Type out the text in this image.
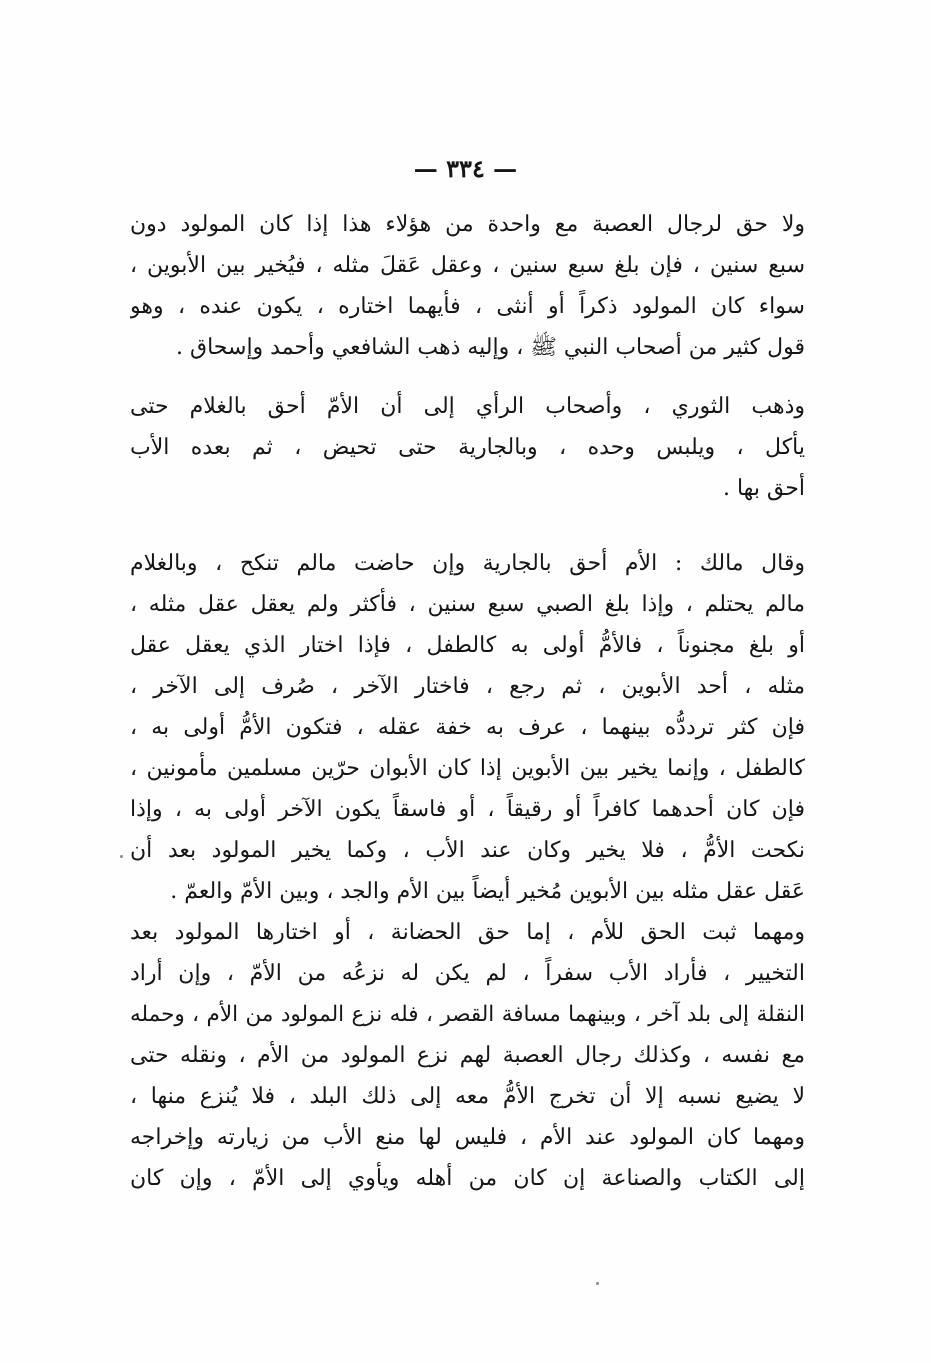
— ٣٣٤ —
ولا حق لرجال العصبة مع واحدة من هؤلاء هذا إذا كان المولود دون
سبع سنين ، فإن بلغ سبع سنين ، وعقل عَقلَ مثله ، فيُخير بين الأبوين ،
سواء كان المولود ذكراً أو أنثى ، فأيهما اختاره ، يكون عنده ، وهو
قول كثير من أصحاب النبي ﷺ ، وإليه ذهب الشافعي وأحمد وإسحاق .
وذهب الثوري ، وأصحاب الرأي إلى أن الأمّ أحق بالغلام حتى
يأكل ، ويلبس وحده ، وبالجارية حتى تحيض ، ثم بعده الأب
أحق بها .
وقال مالك : الأم أحق بالجارية وإن حاضت مالم تنكح ، وبالغلام
مالم يحتلم ، وإذا بلغ الصبي سبع سنين ، فأكثر ولم يعقل عقل مثله ،
أو بلغ مجنوناً ، فالأمُّ أولى به كالطفل ، فإذا اختار الذي يعقل عقل
مثله ، أحد الأبوين ، ثم رجع ، فاختار الآخر ، صُرف إلى الآخر ،
فإن كثر ترددُّه بينهما ، عرف به خفة عقله ، فتكون الأمُّ أولى به ،
كالطفل ، وإنما يخير بين الأبوين إذا كان الأبوان حرّين مسلمين مأمونين ،
فإن كان أحدهما كافراً أو رقيقاً ، أو فاسقاً يكون الآخر أولى به ، وإذا
نكحت الأمُّ ، فلا يخير وكان عند الأب ، وكما يخير المولود بعد أن
عَقل عقل مثله بين الأبوين مُخير أيضاً بين الأم والجد ، وبين الأمّ والعمّ .
ومهما ثبت الحق للأم ، إما حق الحضانة ، أو اختارها المولود بعد
التخيير ، فأراد الأب سفراً ، لم يكن له نزعُه من الأمّ ، وإن أراد
النقلة إلى بلد آخر ، وبينهما مسافة القصر ، فله نزع المولود من الأم ، وحمله
مع نفسه ، وكذلك رجال العصبة لهم نزع المولود من الأم ، ونقله حتى
لا يضيع نسبه إلا أن تخرج الأمُّ معه إلى ذلك البلد ، فلا يُنزع منها ،
ومهما كان المولود عند الأم ، فليس لها منع الأب من زيارته وإخراجه
إلى الكتاب والصناعة إن كان من أهله ويأوي إلى الأمّ ، وإن كان
